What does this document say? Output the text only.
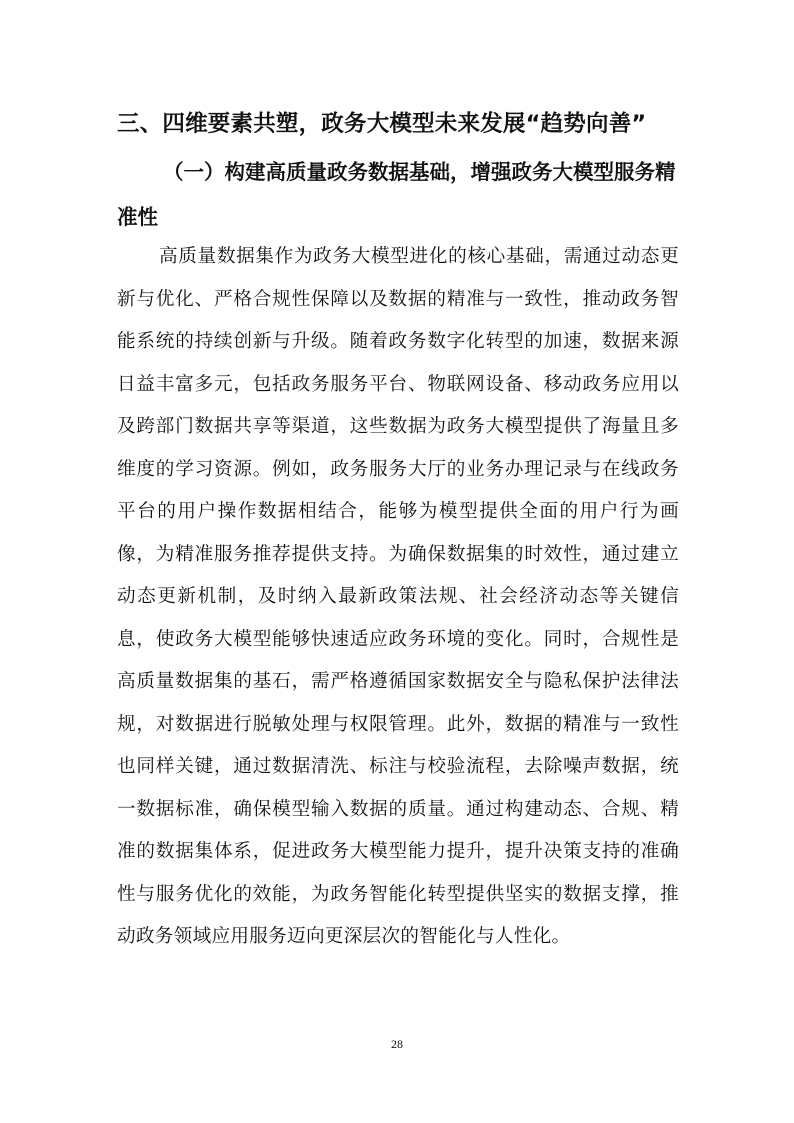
三、四维要素共塑，政务大模型未来发展“趋势向善”
（一）构建高质量政务数据基础，增强政务大模型服务精准性

高质量数据集作为政务大模型进化的核心基础，需通过动态更新与优化、严格合规性保障以及数据的精准与一致性，推动政务智能系统的持续创新与升级。随着政务数字化转型的加速，数据来源日益丰富多元，包括政务服务平台、物联网设备、移动政务应用以及跨部门数据共享等渠道，这些数据为政务大模型提供了海量且多维度的学习资源。例如，政务服务大厅的业务办理记录与在线政务平台的用户操作数据相结合，能够为模型提供全面的用户行为画像，为精准服务推荐提供支持。为确保数据集的时效性，通过建立动态更新机制，及时纳入最新政策法规、社会经济动态等关键信息，使政务大模型能够快速适应政务环境的变化。同时，合规性是高质量数据集的基石，需严格遵循国家数据安全与隐私保护法律法规，对数据进行脱敏处理与权限管理。此外，数据的精准与一致性也同样关键，通过数据清洗、标注与校验流程，去除噪声数据，统一数据标准，确保模型输入数据的质量。通过构建动态、合规、精准的数据集体系，促进政务大模型能力提升，提升决策支持的准确性与服务优化的效能，为政务智能化转型提供坚实的数据支撑，推动政务领域应用服务迈向更深层次的智能化与人性化。

28
